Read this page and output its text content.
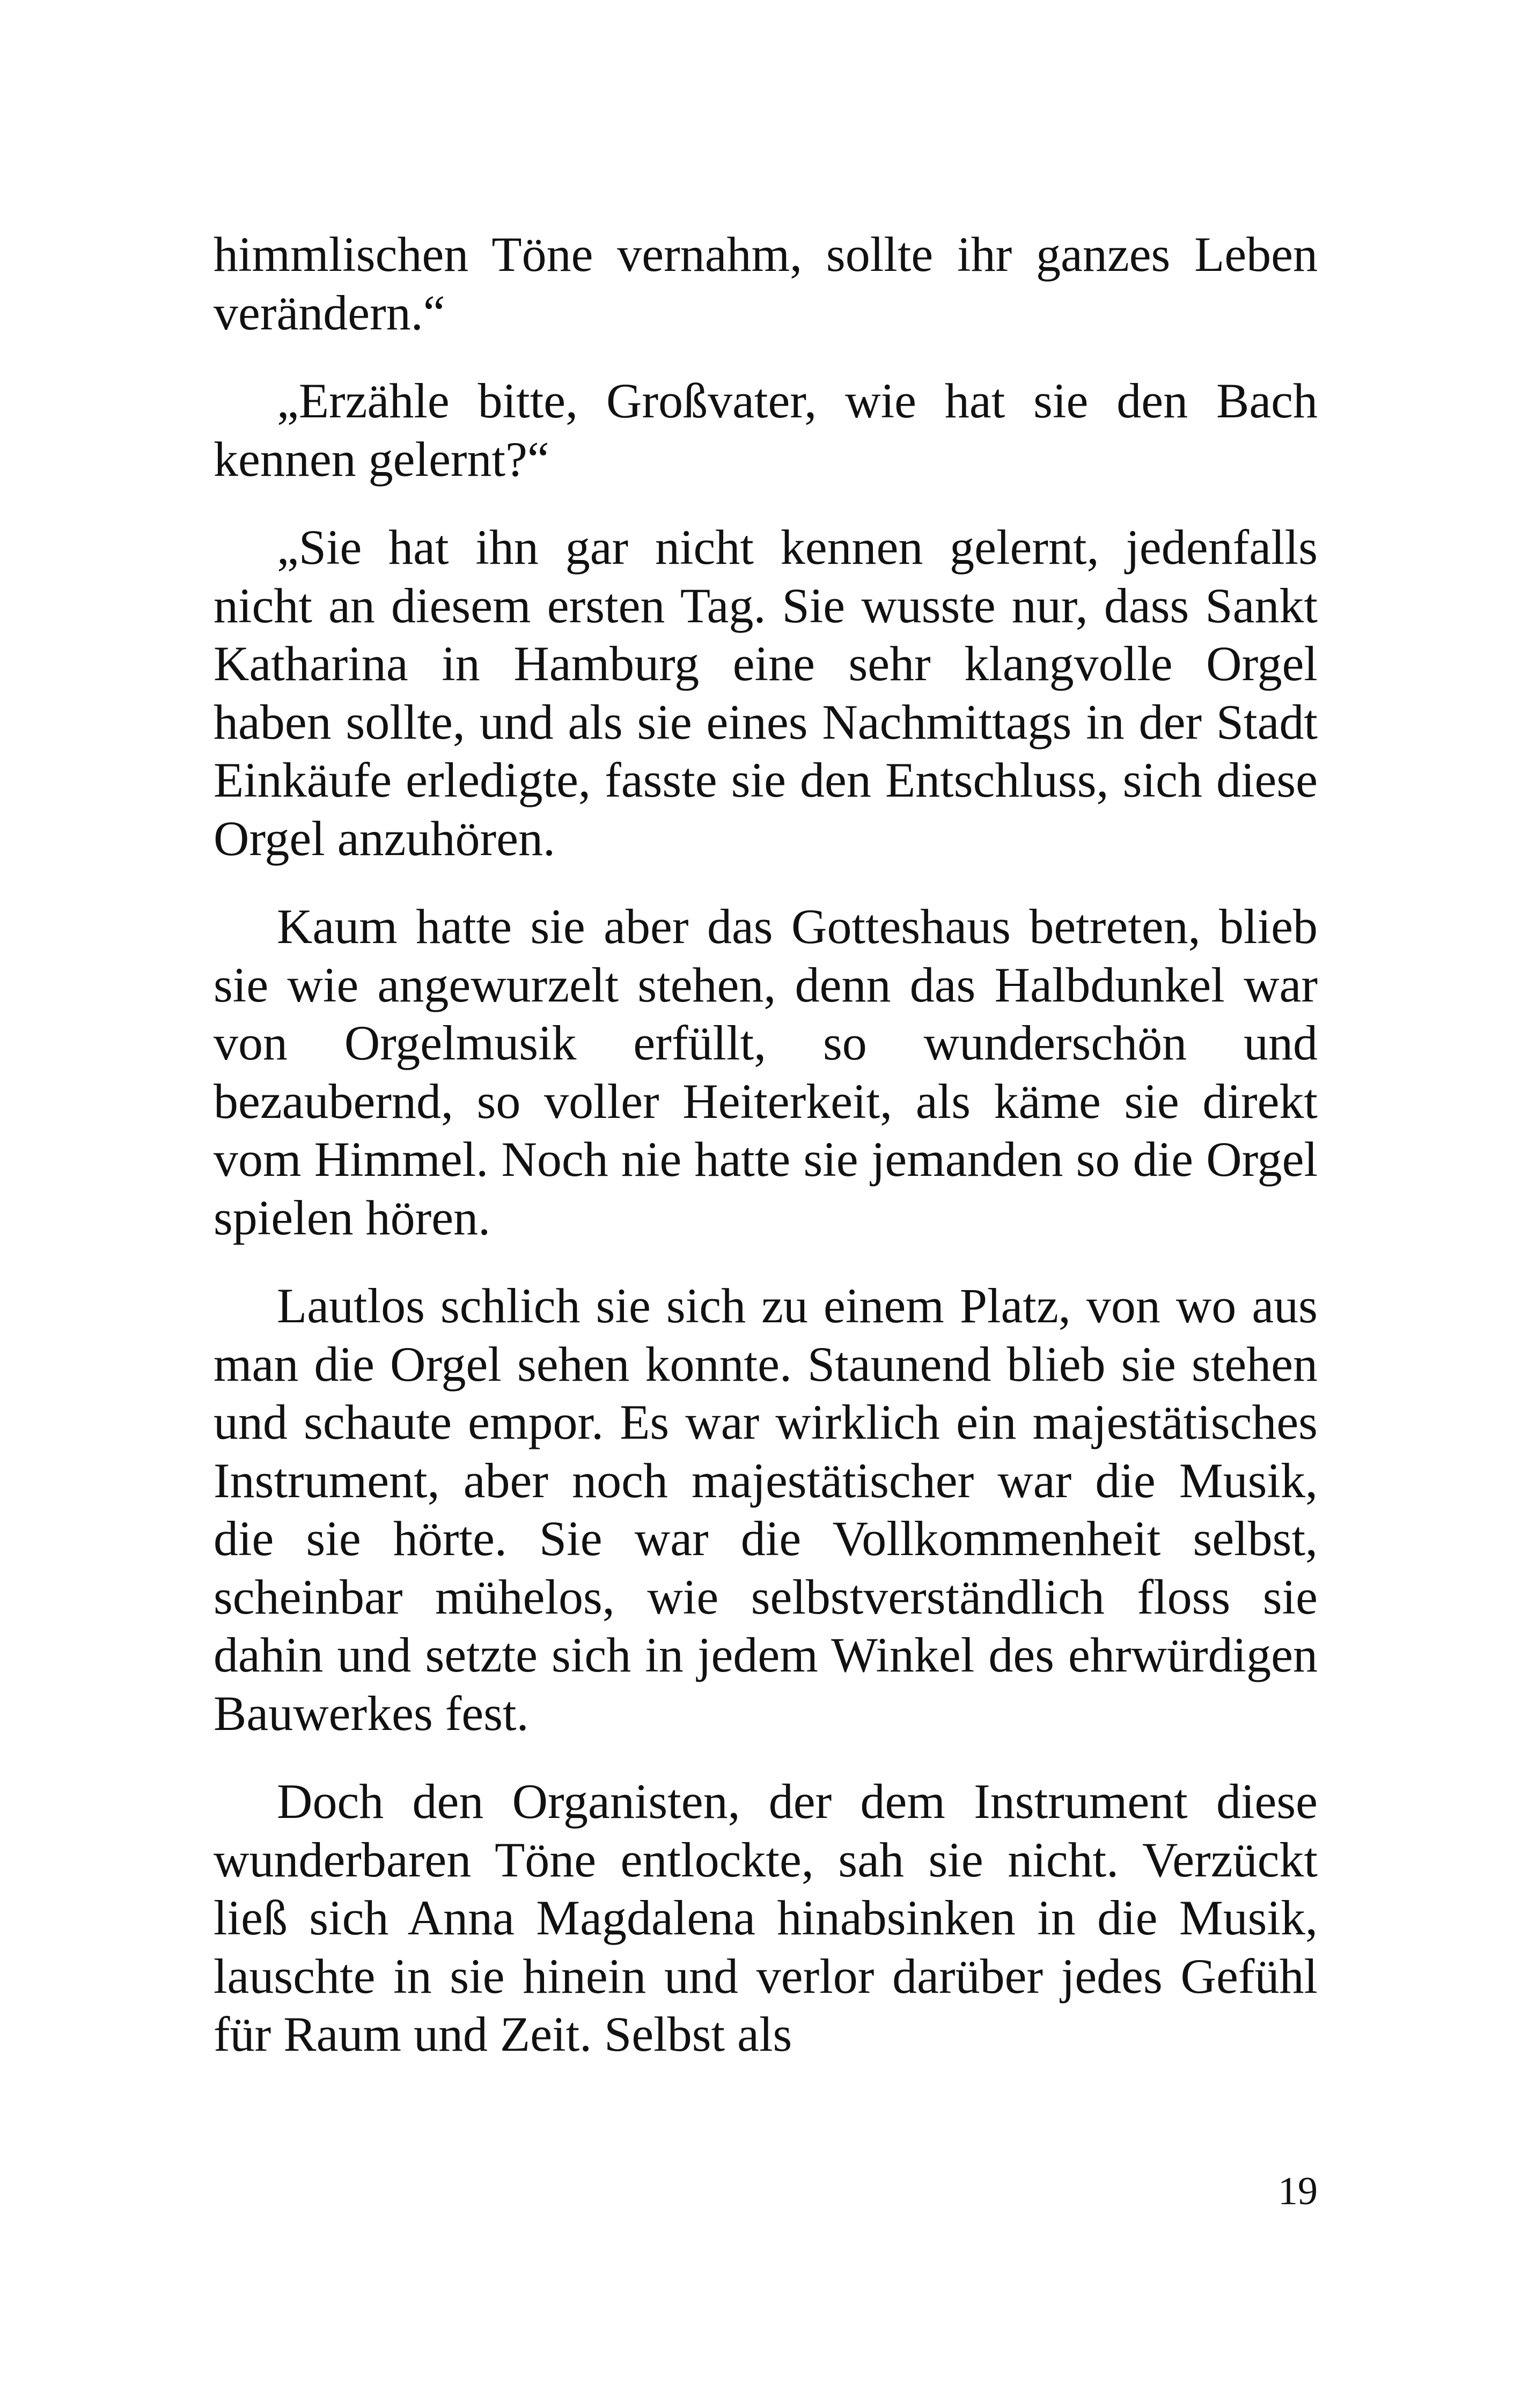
himmlischen Töne vernahm, sollte ihr ganzes Leben verändern.“

„Erzähle bitte, Großvater, wie hat sie den Bach kennen gelernt?“

„Sie hat ihn gar nicht kennen gelernt, jedenfalls nicht an diesem ersten Tag. Sie wusste nur, dass Sankt Katharina in Hamburg eine sehr klangvolle Orgel haben sollte, und als sie eines Nachmittags in der Stadt Einkäufe erledigte, fasste sie den Entschluss, sich diese Orgel anzuhören.

Kaum hatte sie aber das Gotteshaus betreten, blieb sie wie angewurzelt stehen, denn das Halbdunkel war von Orgelmusik erfüllt, so wunderschön und bezaubernd, so voller Heiterkeit, als käme sie direkt vom Himmel. Noch nie hatte sie jemanden so die Orgel spielen hören.

Lautlos schlich sie sich zu einem Platz, von wo aus man die Orgel sehen konnte. Staunend blieb sie stehen und schaute empor. Es war wirklich ein majestätisches Instrument, aber noch majestätischer war die Musik, die sie hörte. Sie war die Vollkommenheit selbst, scheinbar mühelos, wie selbstverständlich floss sie dahin und setzte sich in jedem Winkel des ehrwürdigen Bauwerkes fest.

Doch den Organisten, der dem Instrument diese wunderbaren Töne entlockte, sah sie nicht. Verzückt ließ sich Anna Magdalena hinabsinken in die Musik, lauschte in sie hinein und verlor darüber jedes Gefühl für Raum und Zeit. Selbst als

19
